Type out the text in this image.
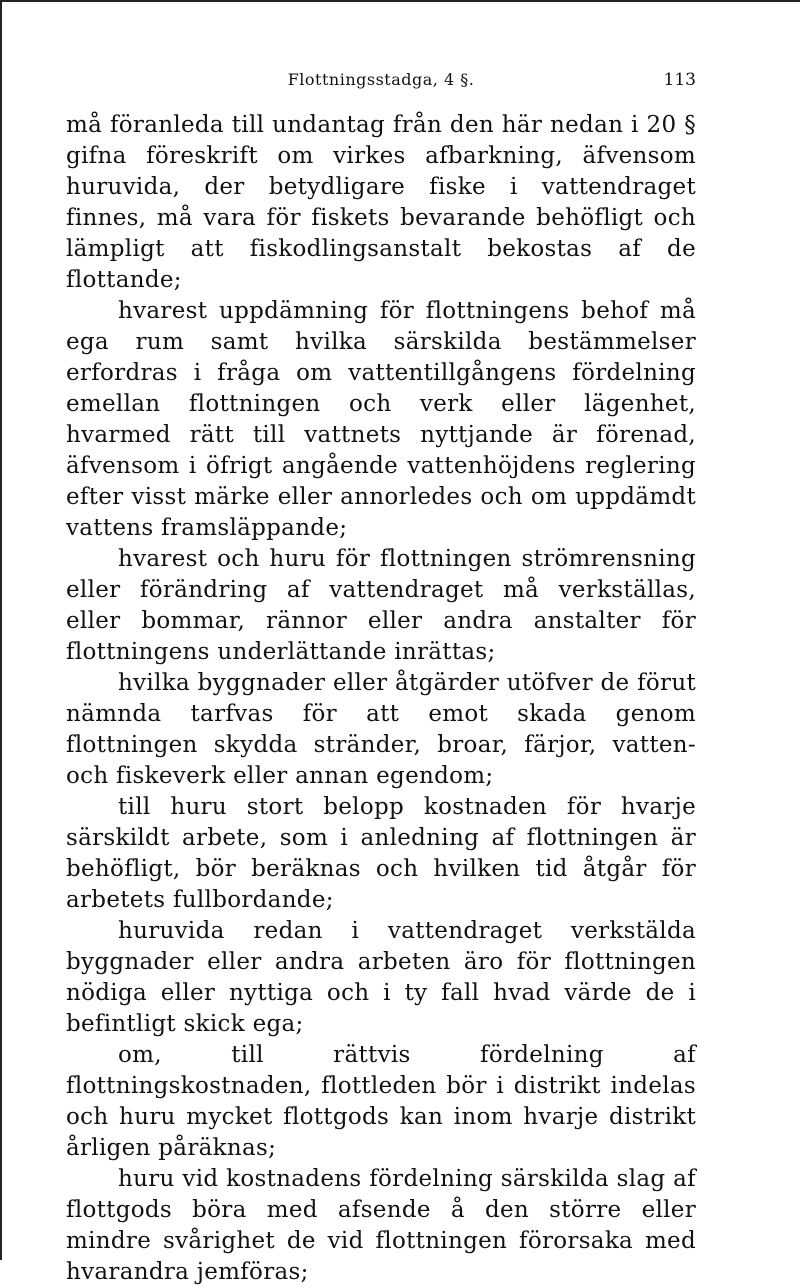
Flottningsstadga, 4 §.	113

må föranleda till undantag från den här nedan i 20 § gifna föreskrift om virkes afbarkning, äfvensom huruvida, der betydligare fiske i vattendraget finnes, må vara för fiskets bevarande behöfligt och lämpligt att fiskodlingsanstalt bekostas af de flottande;

hvarest uppdämning för flottningens behof må ega rum samt hvilka särskilda bestämmelser erfordras i fråga om vattentillgångens fördelning emellan flottningen och verk eller lägenhet, hvarmed rätt till vattnets nyttjande är förenad, äfvensom i öfrigt angående vattenhöjdens reglering efter visst märke eller annorledes och om uppdämdt vattens framsläppande;

hvarest och huru för flottningen strömrensning eller förändring af vattendraget må verkställas, eller bommar, rännor eller andra anstalter för flottningens underlättande inrättas;

hvilka byggnader eller åtgärder utöfver de förut nämnda tarfvas för att emot skada genom flottningen skydda stränder, broar, färjor, vatten- och fiskeverk eller annan egendom;

till huru stort belopp kostnaden för hvarje särskildt arbete, som i anledning af flottningen är behöfligt, bör beräknas och hvilken tid åtgår för arbetets fullbordande;

huruvida redan i vattendraget verkstälda byggnader eller andra arbeten äro för flottningen nödiga eller nyttiga och i ty fall hvad värde de i befintligt skick ega;

om, till rättvis fördelning af flottningskostnaden, flottleden bör i distrikt indelas och huru mycket flottgods kan inom hvarje distrikt årligen påräknas;

huru vid kostnadens fördelning särskilda slag af flottgods böra med afsende å den större eller mindre svårighet de vid flottningen förorsaka med hvarandra jemföras;
